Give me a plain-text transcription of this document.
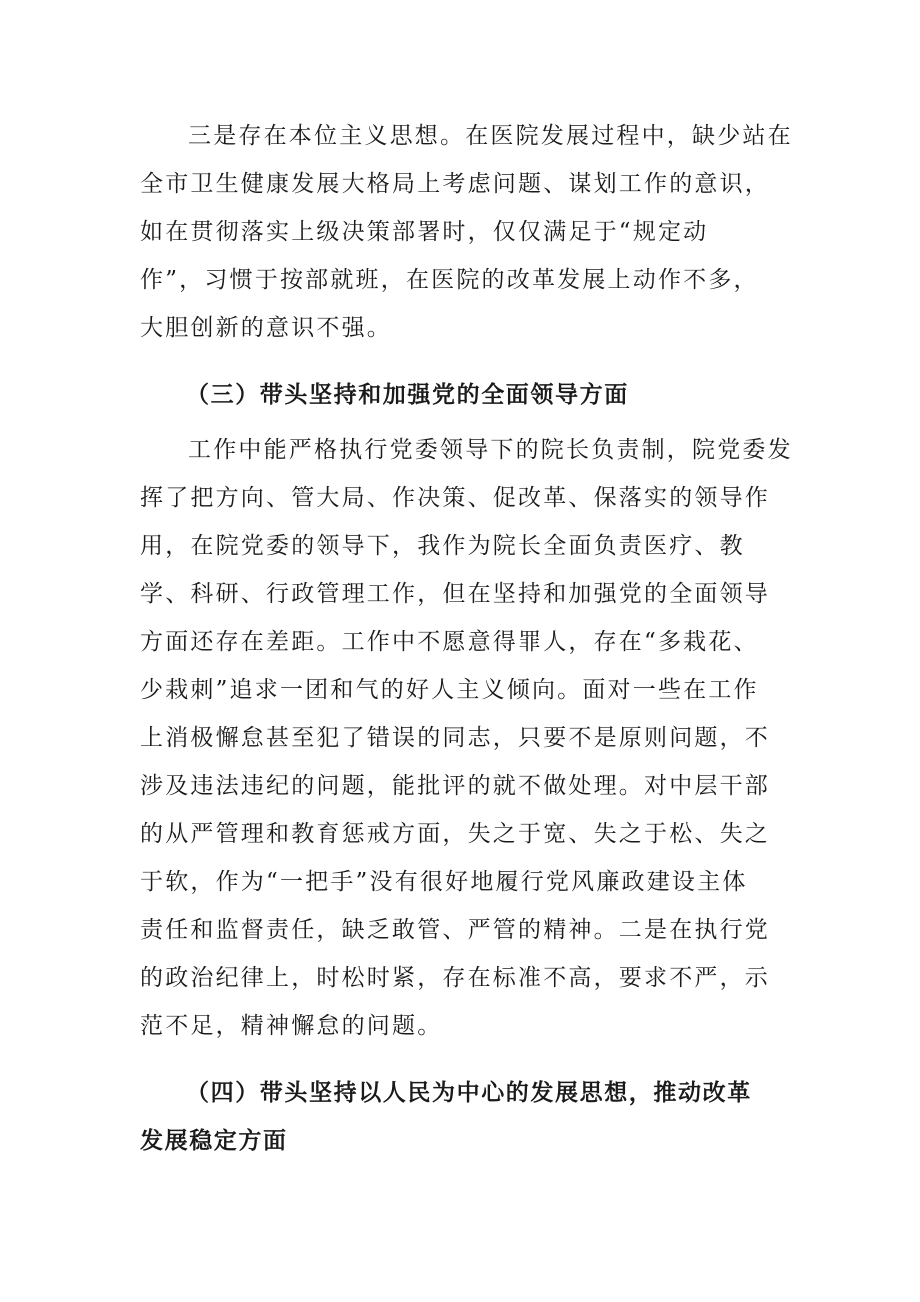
三是存在本位主义思想。在医院发展过程中，缺少站在
全市卫生健康发展大格局上考虑问题、谋划工作的意识，
如在贯彻落实上级决策部署时，仅仅满足于“规定动
作”，习惯于按部就班，在医院的改革发展上动作不多，
大胆创新的意识不强。
（三）带头坚持和加强党的全面领导方面
工作中能严格执行党委领导下的院长负责制，院党委发
挥了把方向、管大局、作决策、促改革、保落实的领导作
用，在院党委的领导下，我作为院长全面负责医疗、教
学、科研、行政管理工作，但在坚持和加强党的全面领导
方面还存在差距。工作中不愿意得罪人，存在“多栽花、
少栽刺”追求一团和气的好人主义倾向。面对一些在工作
上消极懈怠甚至犯了错误的同志，只要不是原则问题，不
涉及违法违纪的问题，能批评的就不做处理。对中层干部
的从严管理和教育惩戒方面，失之于宽、失之于松、失之
于软，作为“一把手”没有很好地履行党风廉政建设主体
责任和监督责任，缺乏敢管、严管的精神。二是在执行党
的政治纪律上，时松时紧，存在标准不高，要求不严，示
范不足，精神懈怠的问题。
（四）带头坚持以人民为中心的发展思想，推动改革
发展稳定方面
